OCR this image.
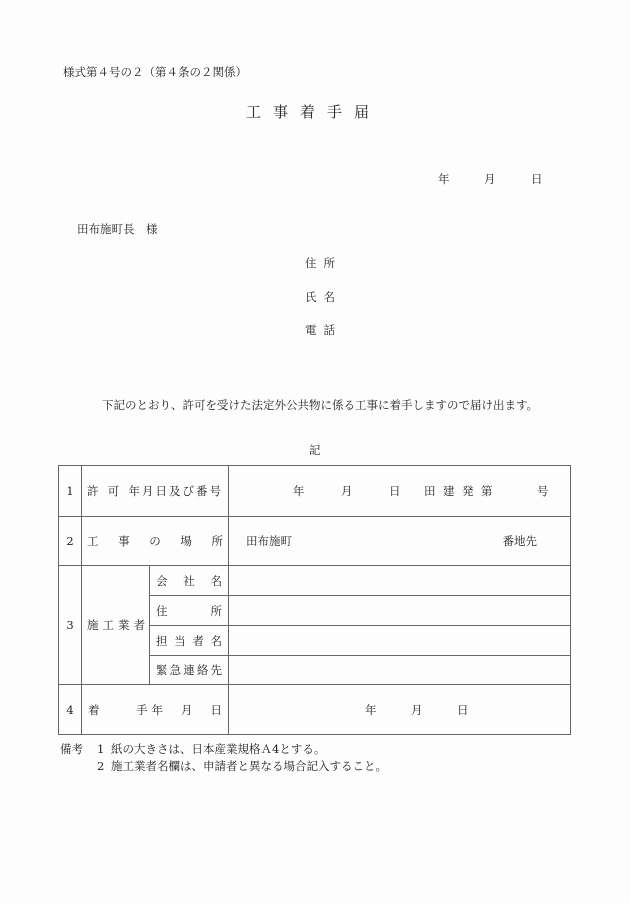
様式第４号の２（第４条の２関係）
工事着手届
年	月	日
田布施町長　様
住所
氏名
電話
下記のとおり、許可を受けた法定外公共物に係る工事に着手しますので届け出ます。
記
1	許 可 年月日及び番号	年	月	日	田 建 発 第	号

2	工 事 の 場 所		田布施町 番地先

3	施工業者	会 社 名	

		住 所	

		担 当 者 名	

		緊 急 連 絡 先	

4	着 手	年 月 日	年 月 日
備考	1 紙の大きさは、日本産業規格Ａ4とする。
2 施工業者名欄は、申請者と異なる場合記入すること。
